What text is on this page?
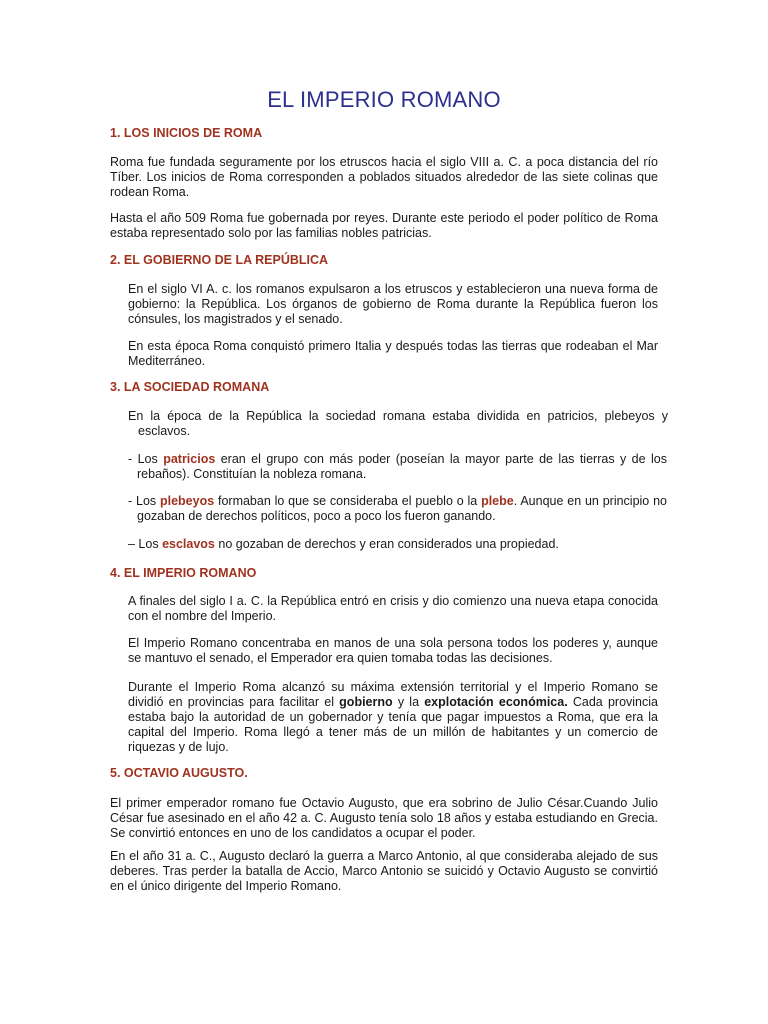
EL IMPERIO ROMANO
1. LOS INICIOS DE ROMA

Roma fue fundada seguramente por los etruscos hacia el siglo VIII a. C. a poca distancia del río Tíber. Los inicios de Roma corresponden a poblados situados alrededor de las siete colinas que rodean Roma.

Hasta el año 509 Roma fue gobernada por reyes. Durante este periodo el poder político de Roma estaba representado solo por las familias nobles patricias.

2. EL GOBIERNO DE LA REPÚBLICA

En el siglo VI A. c. los romanos expulsaron a los etruscos y establecieron una nueva forma de gobierno: la República. Los órganos de gobierno de Roma durante la República fueron los cónsules, los magistrados y el senado.

En esta época Roma conquistó primero Italia y después todas las tierras que rodeaban el Mar Mediterráneo.

3. LA SOCIEDAD ROMANA

En la época de la República la sociedad romana estaba dividida en patricios, plebeyos y esclavos.

- Los patricios eran el grupo con más poder (poseían la mayor parte de las tierras y de los rebaños). Constituían la nobleza romana.

- Los plebeyos formaban lo que se consideraba el pueblo o la plebe. Aunque en un principio no gozaban de derechos políticos, poco a poco los fueron ganando.

– Los esclavos no gozaban de derechos y eran considerados una propiedad.

4. EL IMPERIO ROMANO

A finales del siglo I a. C. la República entró en crisis y dio comienzo una nueva etapa conocida con el nombre del Imperio.

El Imperio Romano concentraba en manos de una sola persona todos los poderes y, aunque se mantuvo el senado, el Emperador era quien tomaba todas las decisiones.

Durante el Imperio Roma alcanzó su máxima extensión territorial y el Imperio Romano se dividió en provincias para facilitar el gobierno y la explotación económica. Cada provincia estaba bajo la autoridad de un gobernador y tenía que pagar impuestos a Roma, que era la capital del Imperio. Roma llegó a tener más de un millón de habitantes y un comercio de riquezas y de lujo.

5. OCTAVIO AUGUSTO.

El primer emperador romano fue Octavio Augusto, que era sobrino de Julio César.Cuando Julio César fue asesinado en el año 42 a. C. Augusto tenía solo 18 años y estaba estudiando en Grecia. Se convirtió entonces en uno de los candidatos a ocupar el poder.

En el año 31 a. C., Augusto declaró la guerra a Marco Antonio, al que consideraba alejado de sus deberes. Tras perder la batalla de Accio, Marco Antonio se suicidó y Octavio Augusto se convirtió en el único dirigente del Imperio Romano.
